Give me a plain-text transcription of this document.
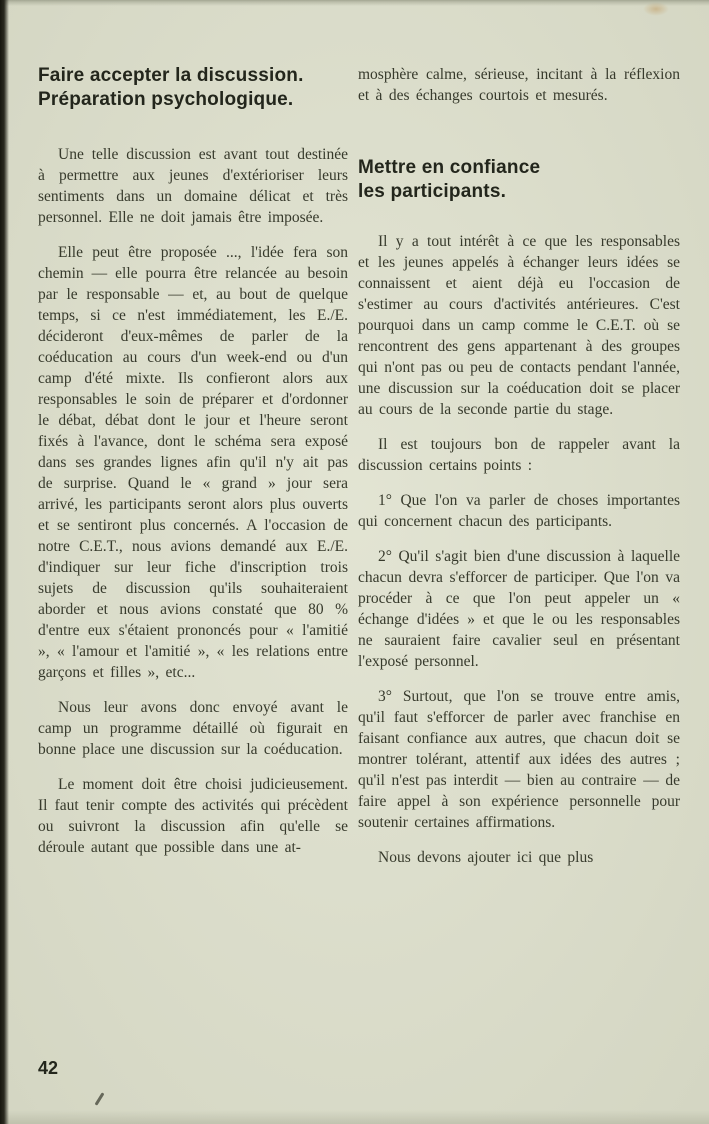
Faire accepter la discussion.
Préparation psychologique.

Une telle discussion est avant tout destinée à permettre aux jeunes d'extérioriser leurs sentiments dans un domaine délicat et très personnel. Elle ne doit jamais être imposée.

Elle peut être proposée ..., l'idée fera son chemin — elle pourra être relancée au besoin par le responsable — et, au bout de quelque temps, si ce n'est immédiatement, les E./E. décideront d'eux-mêmes de parler de la coéducation au cours d'un week-end ou d'un camp d'été mixte. Ils confieront alors aux responsables le soin de préparer et d'ordonner le débat, débat dont le jour et l'heure seront fixés à l'avance, dont le schéma sera exposé dans ses grandes lignes afin qu'il n'y ait pas de surprise. Quand le « grand » jour sera arrivé, les participants seront alors plus ouverts et se sentiront plus concernés. A l'occasion de notre C.E.T., nous avions demandé aux E./E. d'indiquer sur leur fiche d'inscription trois sujets de discussion qu'ils souhaiteraient aborder et nous avions constaté que 80 % d'entre eux s'étaient prononcés pour « l'amitié », « l'amour et l'amitié », « les relations entre garçons et filles », etc...

Nous leur avons donc envoyé avant le camp un programme détaillé où figurait en bonne place une discussion sur la coéducation.

Le moment doit être choisi judicieusement. Il faut tenir compte des activités qui précèdent ou suivront la discussion afin qu'elle se déroule autant que possible dans une at-

mosphère calme, sérieuse, incitant à la réflexion et à des échanges courtois et mesurés.

Mettre en confiance
les participants.

Il y a tout intérêt à ce que les responsables et les jeunes appelés à échanger leurs idées se connaissent et aient déjà eu l'occasion de s'estimer au cours d'activités antérieures. C'est pourquoi dans un camp comme le C.E.T. où se rencontrent des gens appartenant à des groupes qui n'ont pas ou peu de contacts pendant l'année, une discussion sur la coéducation doit se placer au cours de la seconde partie du stage.

Il est toujours bon de rappeler avant la discussion certains points :

1° Que l'on va parler de choses importantes qui concernent chacun des participants.

2° Qu'il s'agit bien d'une discussion à laquelle chacun devra s'efforcer de participer. Que l'on va procéder à ce que l'on peut appeler un « échange d'idées » et que le ou les responsables ne sauraient faire cavalier seul en présentant l'exposé personnel.

3° Surtout, que l'on se trouve entre amis, qu'il faut s'efforcer de parler avec franchise en faisant confiance aux autres, que chacun doit se montrer tolérant, attentif aux idées des autres ; qu'il n'est pas interdit — bien au contraire — de faire appel à son expérience personnelle pour soutenir certaines affirmations.

Nous devons ajouter ici que plus

42
